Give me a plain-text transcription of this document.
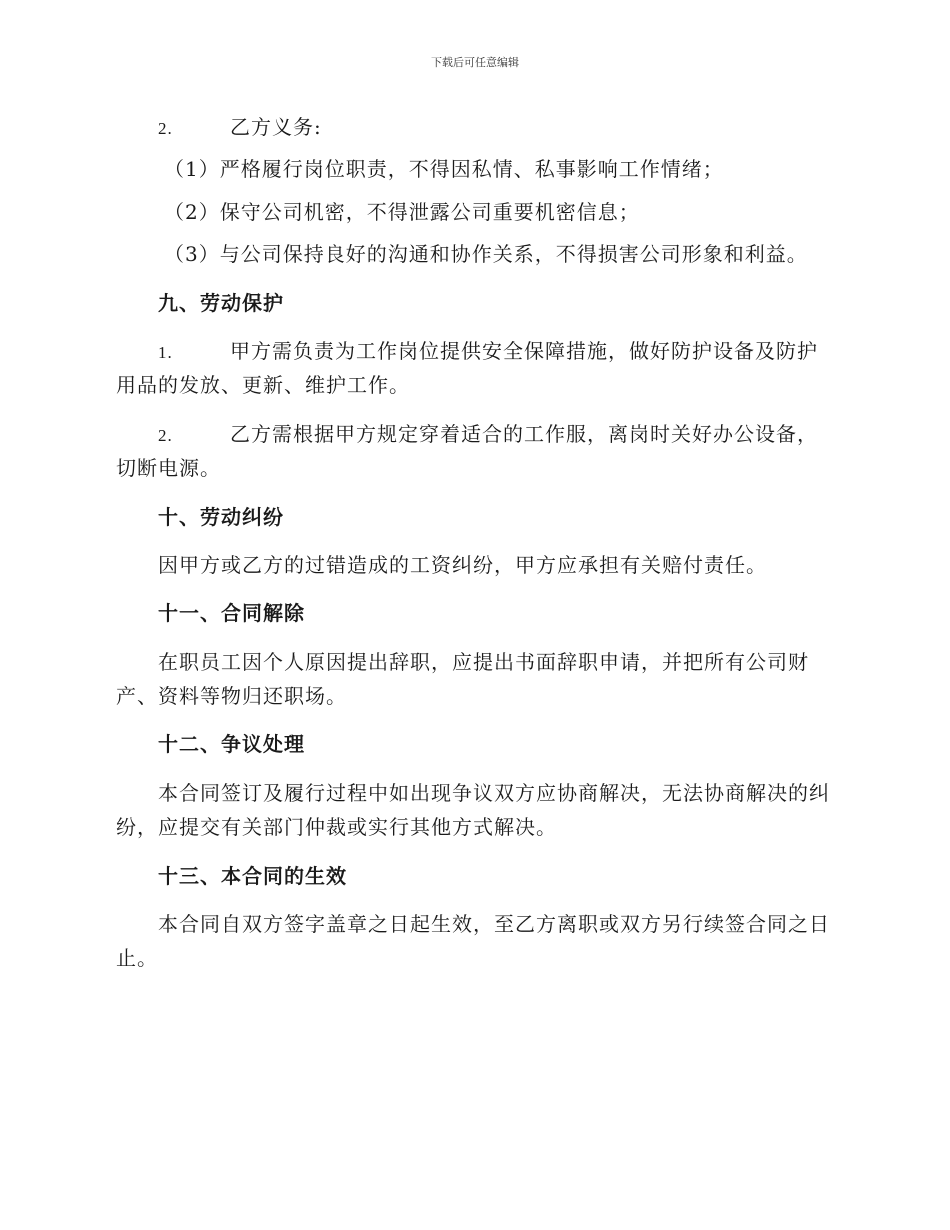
下载后可任意编辑
2.	乙方义务:

（1）严格履行岗位职责，不得因私情、私事影响工作情绪；

（2）保守公司机密，不得泄露公司重要机密信息；

（3）与公司保持良好的沟通和协作关系，不得损害公司形象和利益。

九、劳动保护

1.	甲方需负责为工作岗位提供安全保障措施，做好防护设备及防护
用品的发放、更新、维护工作。
2.	乙方需根据甲方规定穿着适合的工作服，离岗时关好办公设备，
切断电源。

十、劳动纠纷

因甲方或乙方的过错造成的工资纠纷，甲方应承担有关赔付责任。

十一、合同解除

在职员工因个人原因提出辞职，应提出书面辞职申请，并把所有公司财产、资料等物归还职场。

十二、争议处理

本合同签订及履行过程中如出现争议双方应协商解决，无法协商解决的纠纷，应提交有关部门仲裁或实行其他方式解决。

十三、本合同的生效

本合同自双方签字盖章之日起生效，至乙方离职或双方另行续签合同之日止。
